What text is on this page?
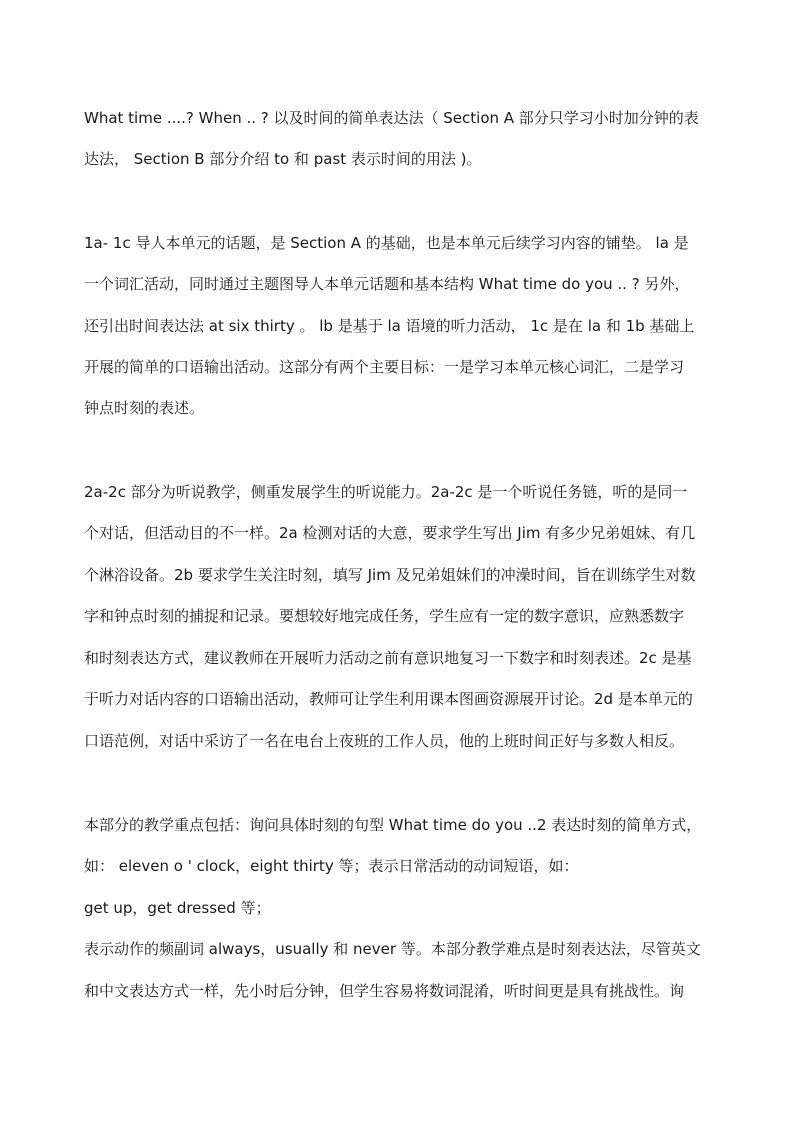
What time ....? When .. ? 以及时间的简单表达法（ Section A 部分只学习小时加分钟的表
达法， Section B 部分介绍 to 和 past 表示时间的用法 )。
1a- 1c 导人本单元的话题，是 Section A 的基础，也是本单元后续学习内容的铺垫。 la 是
一个词汇活动，同时通过主题图导人本单元话题和基本结构 What time do you .. ? 另外，
还引出时间表达法 at six thirty 。 lb 是基于 la 语境的听力活动， 1c 是在 la 和 1b 基础上
开展的简单的口语输出活动。这部分有两个主要目标：一是学习本单元核心词汇，二是学习
钟点时刻的表述。
2a-2c 部分为听说教学，侧重发展学生的听说能力。2a-2c 是一个听说任务链，听的是同一
个对话，但活动目的不一样。2a 检测对话的大意，要求学生写出 Jim 有多少兄弟姐妹、有几
个淋浴设备。2b 要求学生关注时刻，填写 Jim 及兄弟姐妹们的冲澡时间，旨在训练学生对数
字和钟点时刻的捕捉和记录。要想较好地完成任务，学生应有一定的数字意识，应熟悉数字
和时刻表达方式，建议教师在开展听力活动之前有意识地复习一下数字和时刻表述。2c 是基
于听力对话内容的口语输出活动，教师可让学生利用课本图画资源展开讨论。2d 是本单元的
口语范例，对话中采访了一名在电台上夜班的工作人员，他的上班时间正好与多数人相反。
本部分的教学重点包括：询问具体时刻的句型 What time do you ..2 表达时刻的简单方式，
如： eleven o ' clock，eight thirty 等；表示日常活动的动词短语，如：
get up，get dressed 等；
表示动作的频副词 always，usually 和 never 等。本部分教学难点是时刻表达法，尽管英文
和中文表达方式一样，先小时后分钟，但学生容易将数词混淆，听时间更是具有挑战性。询
